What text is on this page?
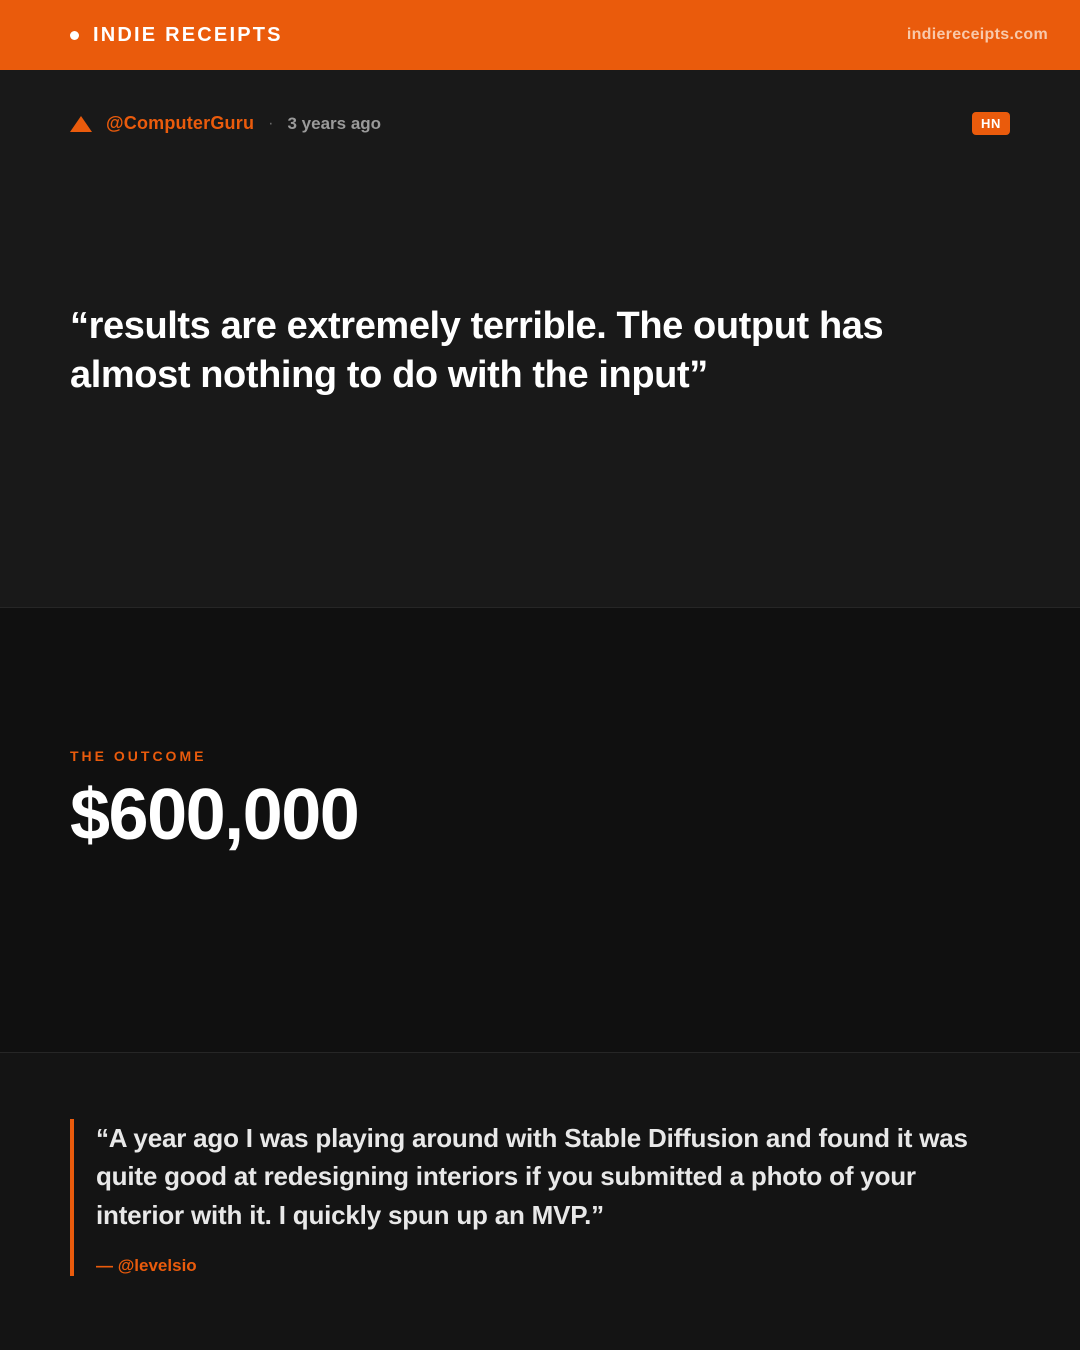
INDIE RECEIPTS	indiereceipts.com
@ComputerGuru · 3 years ago	HN
“results are extremely terrible. The output has almost nothing to do with the input”
THE OUTCOME
$600,000
“A year ago I was playing around with Stable Diffusion and found it was quite good at redesigning interiors if you submitted a photo of your interior with it. I quickly spun up an MVP.”
— @levelsio
